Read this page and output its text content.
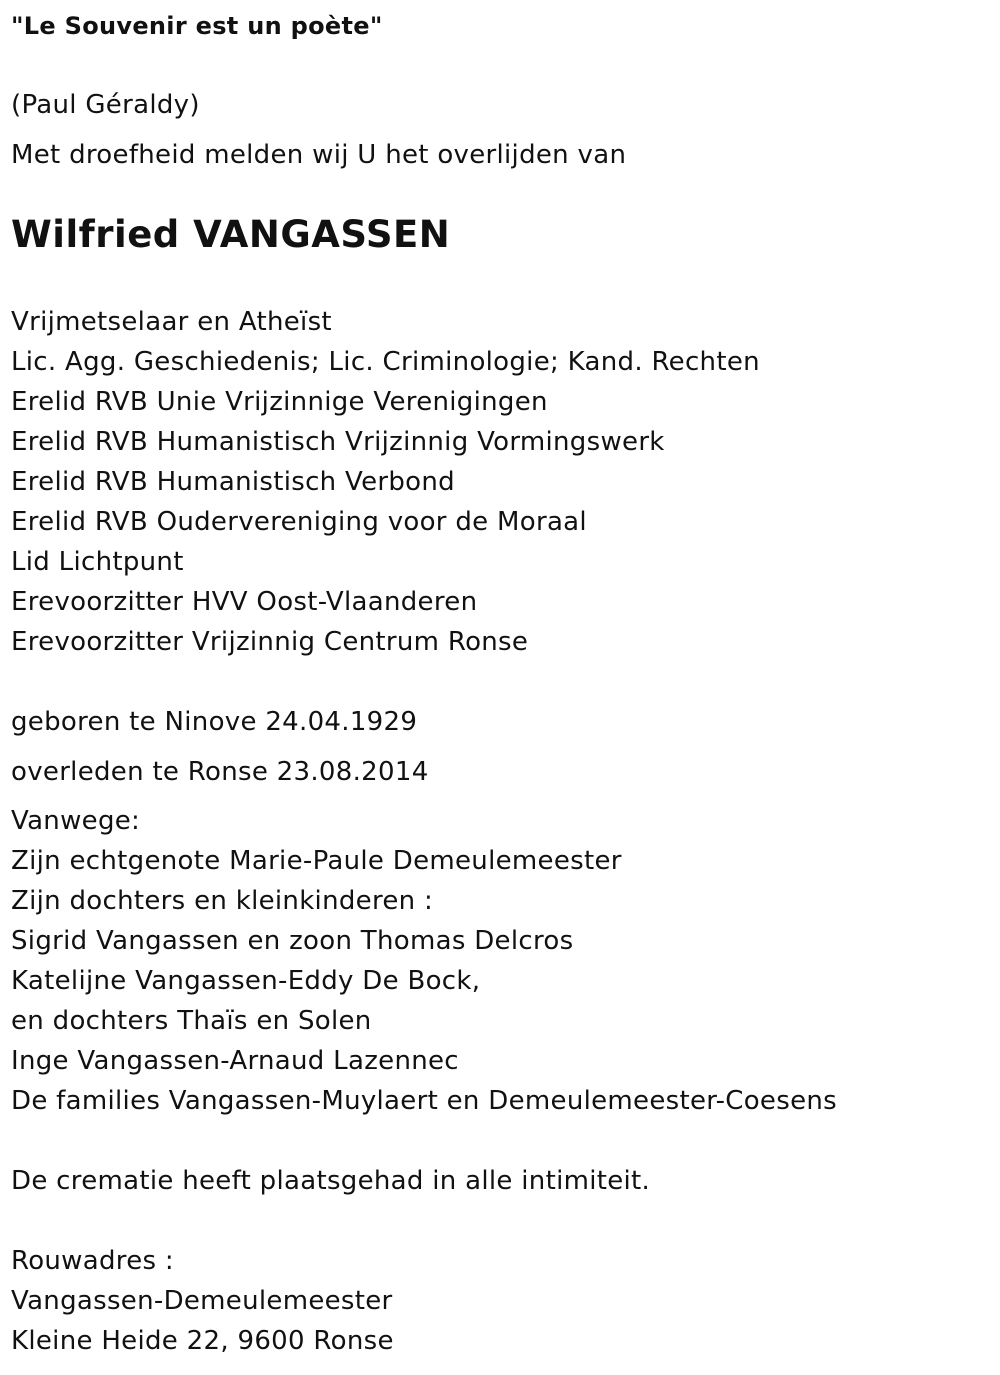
"Le Souvenir est un poète"
(Paul Géraldy)
Met droefheid melden wij U het overlijden van
Wilfried VANGASSEN
Vrijmetselaar en Atheïst
Lic. Agg. Geschiedenis; Lic. Criminologie; Kand. Rechten
Erelid RVB Unie Vrijzinnige Verenigingen
Erelid RVB Humanistisch Vrijzinnig Vormingswerk
Erelid RVB Humanistisch Verbond
Erelid RVB Oudervereniging voor de Moraal
Lid Lichtpunt
Erevoorzitter HVV Oost-Vlaanderen
Erevoorzitter Vrijzinnig Centrum Ronse
geboren te Ninove 24.04.1929
overleden te Ronse 23.08.2014
Vanwege:
Zijn echtgenote Marie-Paule Demeulemeester
Zijn dochters en kleinkinderen :
Sigrid Vangassen en zoon Thomas Delcros
Katelijne Vangassen-Eddy De Bock,
en dochters Thaïs en Solen
Inge Vangassen-Arnaud Lazennec
De families Vangassen-Muylaert en Demeulemeester-Coesens
De crematie heeft plaatsgehad in alle intimiteit.
Rouwadres :
Vangassen-Demeulemeester
Kleine Heide 22, 9600 Ronse
